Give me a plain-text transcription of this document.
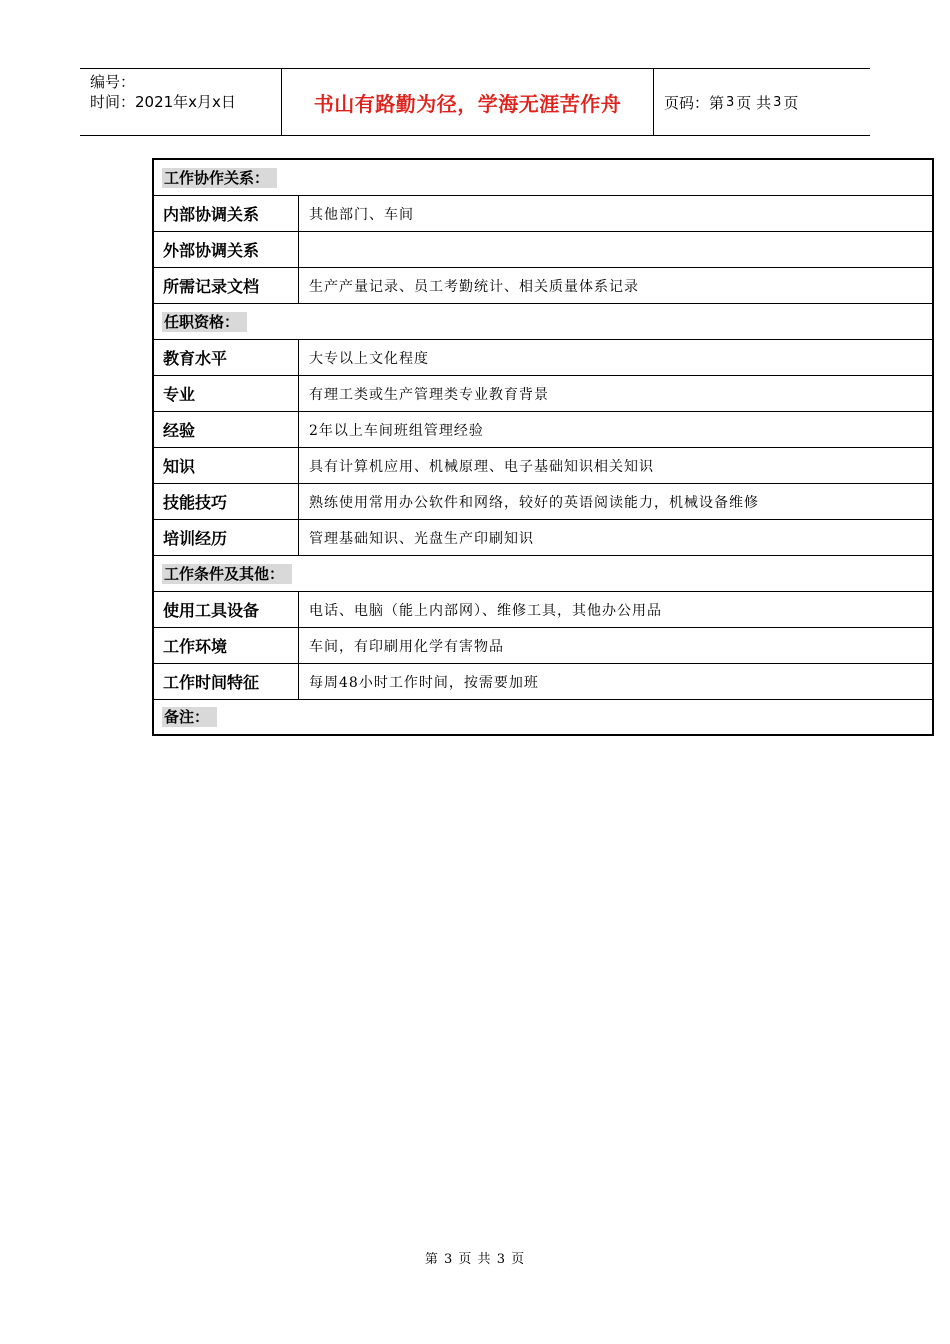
编号：
时间：2021年x月x日	书山有路勤为径，学海无涯苦作舟	页码：第 3 页 共 3 页
工作协作关系：
内部协调关系	其他部门、车间
外部协调关系
所需记录文档	生产产量记录、员工考勤统计、相关质量体系记录
任职资格：
教育水平	大专以上文化程度
专业	有理工类或生产管理类专业教育背景
经验	2年以上车间班组管理经验
知识	具有计算机应用、机械原理、电子基础知识相关知识
技能技巧	熟练使用常用办公软件和网络，较好的英语阅读能力，机械设备维修
培训经历	管理基础知识、光盘生产印刷知识
工作条件及其他：
使用工具设备	电话、电脑（能上内部网）、维修工具，其他办公用品
工作环境	车间，有印刷用化学有害物品
工作时间特征	每周48小时工作时间，按需要加班
备注：
第 3 页 共 3 页
